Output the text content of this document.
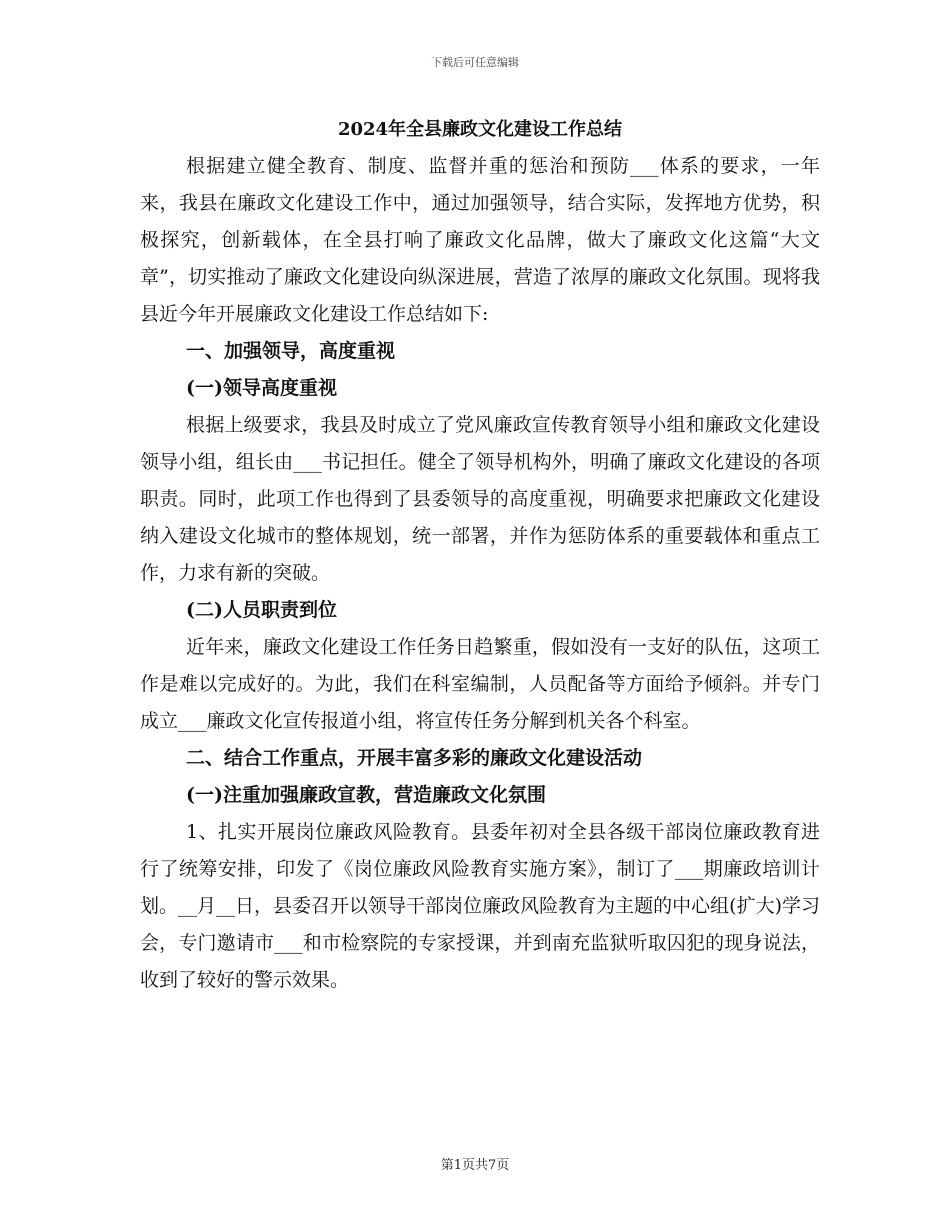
下载后可任意编辑
2024年全县廉政文化建设工作总结

根据建立健全教育、制度、监督并重的惩治和预防___体系的要求，一年来，我县在廉政文化建设工作中，通过加强领导，结合实际，发挥地方优势，积极探究，创新载体，在全县打响了廉政文化品牌，做大了廉政文化这篇“大文章”，切实推动了廉政文化建设向纵深进展，营造了浓厚的廉政文化氛围。现将我县近今年开展廉政文化建设工作总结如下:

一、加强领导，高度重视

(一)领导高度重视

根据上级要求，我县及时成立了党风廉政宣传教育领导小组和廉政文化建设领导小组，组长由___书记担任。健全了领导机构外，明确了廉政文化建设的各项职责。同时，此项工作也得到了县委领导的高度重视，明确要求把廉政文化建设纳入建设文化城市的整体规划，统一部署，并作为惩防体系的重要载体和重点工作，力求有新的突破。

(二)人员职责到位

近年来，廉政文化建设工作任务日趋繁重，假如没有一支好的队伍，这项工作是难以完成好的。为此，我们在科室编制，人员配备等方面给予倾斜。并专门成立___廉政文化宣传报道小组，将宣传任务分解到机关各个科室。

二、结合工作重点，开展丰富多彩的廉政文化建设活动

(一)注重加强廉政宣教，营造廉政文化氛围

1、扎实开展岗位廉政风险教育。县委年初对全县各级干部岗位廉政教育进行了统筹安排，印发了《岗位廉政风险教育实施方案》，制订了___期廉政培训计划。__月__日，县委召开以领导干部岗位廉政风险教育为主题的中心组(扩大)学习会，专门邀请市___和市检察院的专家授课，并到南充监狱听取囚犯的现身说法，收到了较好的警示效果。

第1页共7页
